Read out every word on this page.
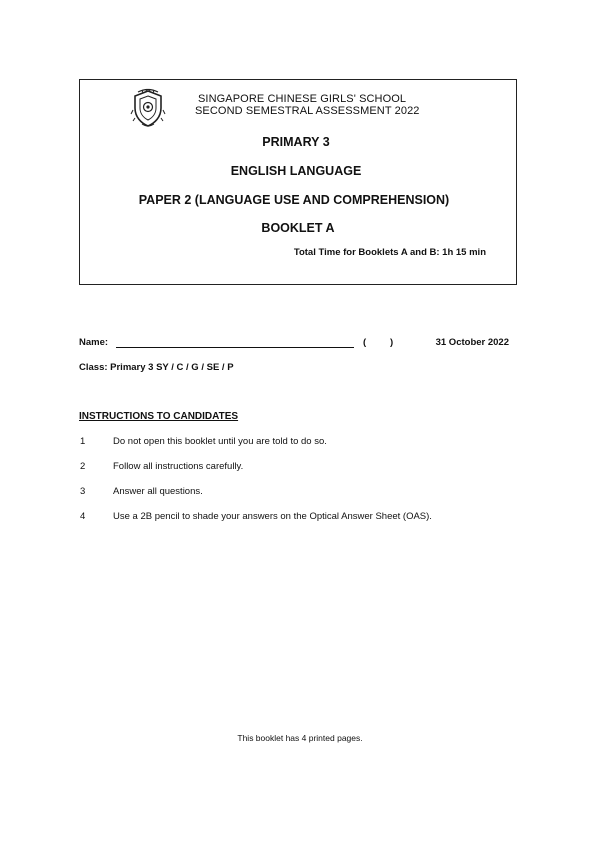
SINGAPORE CHINESE GIRLS' SCHOOL
SECOND SEMESTRAL ASSESSMENT 2022
PRIMARY 3
ENGLISH LANGUAGE
PAPER 2 (LANGUAGE USE AND COMPREHENSION)
BOOKLET A
Total Time for Booklets A and B: 1h 15 min
Name:	(	)	31 October 2022
Class: Primary 3 SY / C / G / SE / P
INSTRUCTIONS TO CANDIDATES
1	Do not open this booklet until you are told to do so.
2	Follow all instructions carefully.
3	Answer all questions.
4	Use a 2B pencil to shade your answers on the Optical Answer Sheet (OAS).
This booklet has 4 printed pages.
